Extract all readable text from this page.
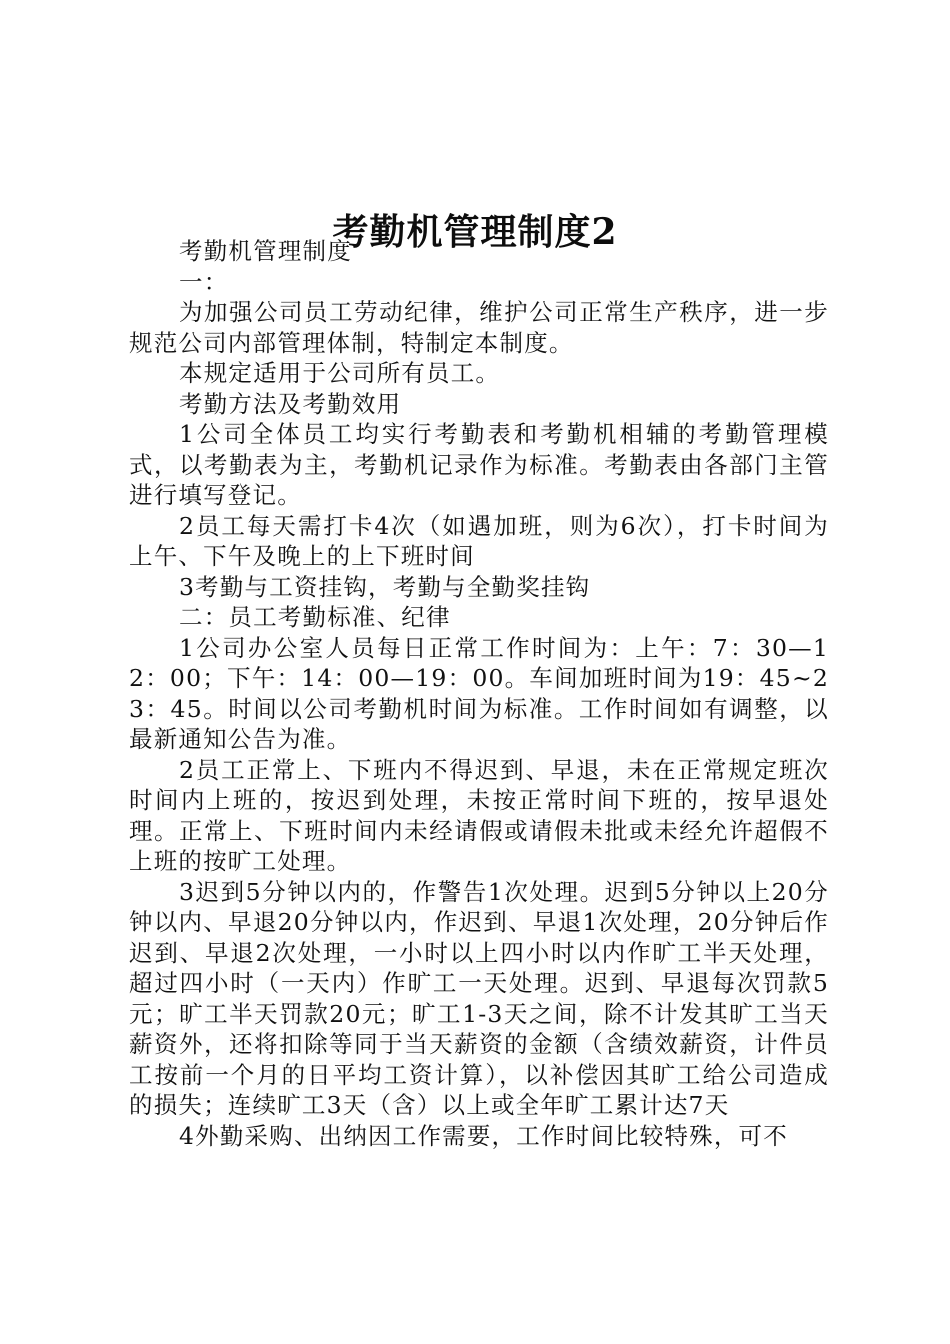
考勤机管理制度2

考勤机管理制度

一：

为加强公司员工劳动纪律，维护公司正常生产秩序，进一步规范公司内部管理体制，特制定本制度。

本规定适用于公司所有员工。

考勤方法及考勤效用

1公司全体员工均实行考勤表和考勤机相辅的考勤管理模式，以考勤表为主，考勤机记录作为标准。考勤表由各部门主管进行填写登记。

2员工每天需打卡4次（如遇加班，则为6次），打卡时间为上午、下午及晚上的上下班时间

3考勤与工资挂钩，考勤与全勤奖挂钩

二：员工考勤标准、纪律

1公司办公室人员每日正常工作时间为：上午：7：30—12：00；下午：14：00—19：00。车间加班时间为19：45~23：45。时间以公司考勤机时间为标准。工作时间如有调整，以最新通知公告为准。

2员工正常上、下班内不得迟到、早退，未在正常规定班次时间内上班的，按迟到处理，未按正常时间下班的，按早退处理。正常上、下班时间内未经请假或请假未批或未经允许超假不上班的按旷工处理。

3迟到5分钟以内的，作警告1次处理。迟到5分钟以上20分钟以内、早退20分钟以内，作迟到、早退1次处理，20分钟后作迟到、早退2次处理，一小时以上四小时以内作旷工半天处理，超过四小时（一天内）作旷工一天处理。迟到、早退每次罚款5元；旷工半天罚款20元；旷工1-3天之间，除不计发其旷工当天薪资外，还将扣除等同于当天薪资的金额（含绩效薪资，计件员工按前一个月的日平均工资计算），以补偿因其旷工给公司造成的损失；连续旷工3天（含）以上或全年旷工累计达7天

4外勤采购、出纳因工作需要，工作时间比较特殊，可不
